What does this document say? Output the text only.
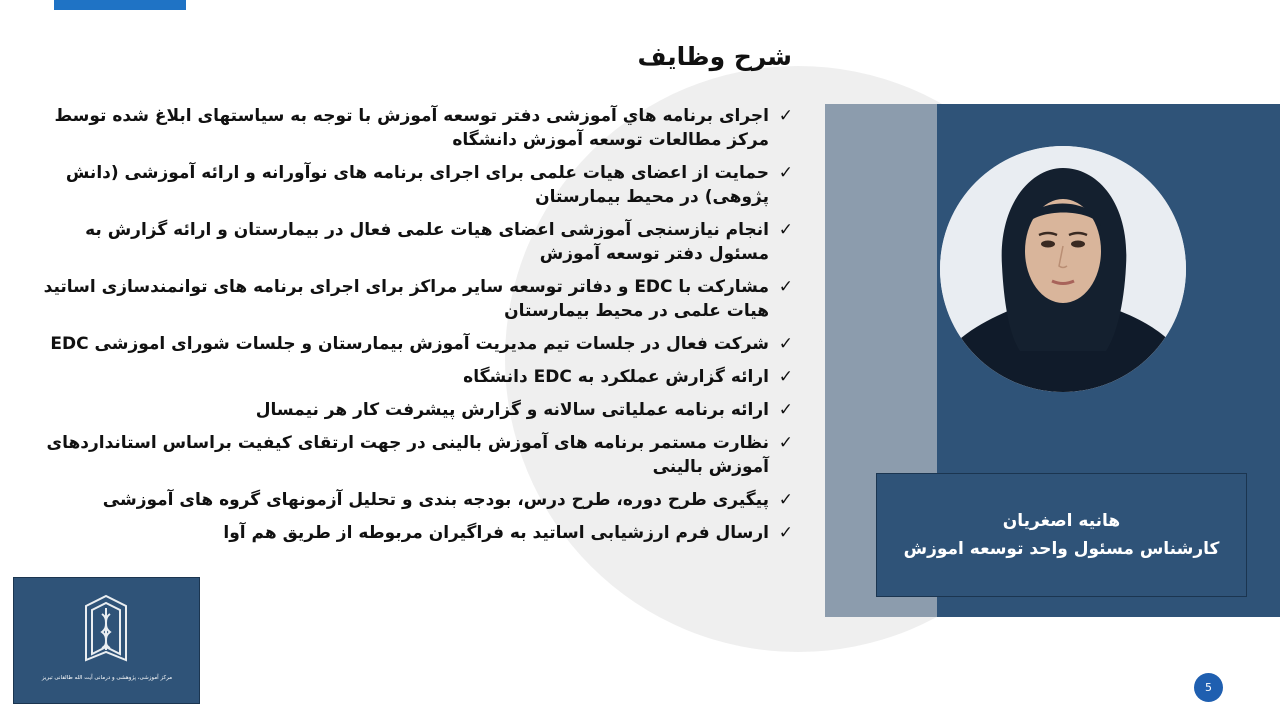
شرح وظایف
✓
اجرای برنامه هاي آموزشی دفتر توسعه آموزش با توجه به سیاستهای ابلاغ شده توسط مرکز مطالعات توسعه آموزش دانشگاه
✓
حمایت از اعضای هیات علمی برای اجرای برنامه های نوآورانه و ارائه آموزشی (دانش پژوهی) در محیط بیمارستان
✓
انجام نیازسنجی آموزشی اعضای هیات علمی فعال در بیمارستان و ارائه گزارش به مسئول دفتر توسعه آموزش
✓
مشارکت با EDC و دفاتر توسعه سایر مراکز برای اجرای برنامه های توانمندسازی اساتید هیات علمی در محیط بیمارستان
✓
شرکت فعال در جلسات تیم مدیریت آموزش بیمارستان و جلسات شورای اموزشی EDC
✓
ارائه گزارش عملکرد به EDC دانشگاه
✓
ارائه برنامه عملیاتی سالانه و گزارش پیشرفت کار هر نیمسال
✓
نظارت مستمر برنامه های آموزش بالینی در جهت ارتقای کیفیت براساس استانداردهای آموزش بالینی
✓
پیگیری طرح دوره، طرح درس، بودجه بندی و تحلیل آزمونهای گروه های آموزشی
✓
ارسال فرم ارزشیابی اساتید به فراگیران مربوطه از طریق هم آوا
هانیه اصغریان
کارشناس مسئول واحد توسعه اموزش
مرکز آموزشی، پژوهشی و درمانی آیت الله طالقانی تبریز
5
